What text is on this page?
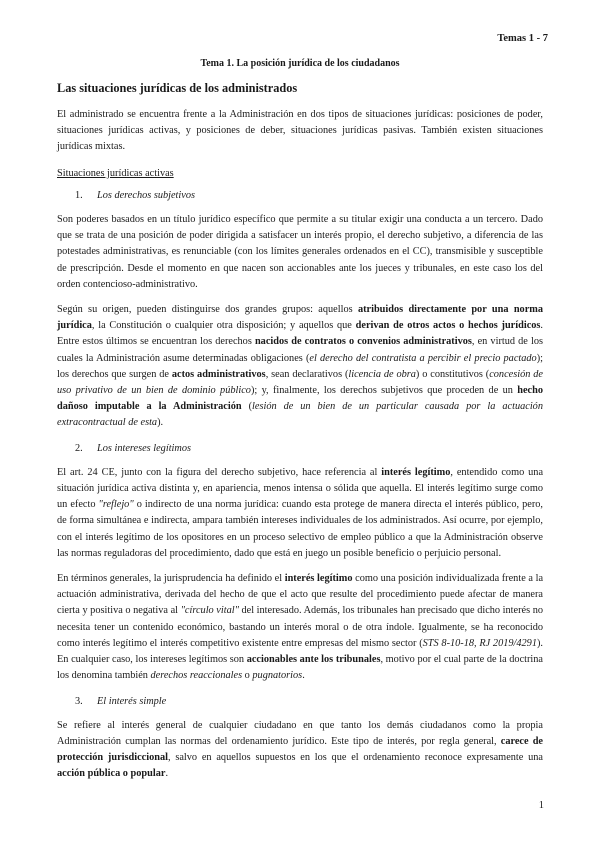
Temas 1 - 7
Tema 1. La posición jurídica de los ciudadanos
Las situaciones jurídicas de los administrados

El administrado se encuentra frente a la Administración en dos tipos de situaciones jurídicas: posiciones de poder, situaciones jurídicas activas, y posiciones de deber, situaciones jurídicas pasivas. También existen situaciones jurídicas mixtas.

Situaciones jurídicas activas

1 .	Los derechos subjetivos

Son poderes basados en un título jurídico específico que permite a su titular exigir una conducta a un tercero. Dado que se trata de una posición de poder dirigida a satisfacer un interés propio, el derecho subjetivo, a diferencia de las potestades administrativas, es renunciable (con los límites generales ordenados en el CC), transmisible y susceptible de prescripción. Desde el momento en que nacen son accionables ante los jueces y tribunales, en este caso los del orden contencioso-administrativo.

Según su origen, pueden distinguirse dos grandes grupos: aquellos atribuidos directamente por una norma jurídica, la Constitución o cualquier otra disposición; y aquellos que derivan de otros actos o hechos jurídicos. Entre estos últimos se encuentran los derechos nacidos de contratos o convenios administrativos, en virtud de los cuales la Administración asume determinadas obligaciones (el derecho del contratista a percibir el precio pactado); los derechos que surgen de actos administrativos, sean declarativos (licencia de obra) o constitutivos (concesión de uso privativo de un bien de dominio público); y, finalmente, los derechos subjetivos que proceden de un hecho dañoso imputable a la Administración (lesión de un bien de un particular causada por la actuación extracontractual de esta).

2 .	Los intereses legítimos

El art. 24 CE, junto con la figura del derecho subjetivo, hace referencia al interés legítimo, entendido como una situación jurídica activa distinta y, en apariencia, menos intensa o sólida que aquella. El interés legítimo surge como un efecto "reflejo" o indirecto de una norma jurídica: cuando esta protege de manera directa el interés público, pero, de forma simultánea e indirecta, ampara también intereses individuales de los administrados. Así ocurre, por ejemplo, con el interés legítimo de los opositores en un proceso selectivo de empleo público a que la Administración observe las normas reguladoras del procedimiento, dado que está en juego un posible beneficio o perjuicio personal.

En términos generales, la jurisprudencia ha definido el interés legítimo como una posición individualizada frente a la actuación administrativa, derivada del hecho de que el acto que resulte del procedimiento puede afectar de manera cierta y positiva o negativa al "círculo vital" del interesado. Además, los tribunales han precisado que dicho interés no necesita tener un contenido económico, bastando un interés moral o de otra índole. Igualmente, se ha reconocido como interés legítimo el interés competitivo existente entre empresas del mismo sector (STS 8-10-18, RJ 2019/4291). En cualquier caso, los intereses legítimos son accionables ante los tribunales, motivo por el cual parte de la doctrina los denomina también derechos reaccionales o pugnatorios.

3 .	El interés simple

Se refiere al interés general de cualquier ciudadano en que tanto los demás ciudadanos como la propia Administración cumplan las normas del ordenamiento jurídico. Este tipo de interés, por regla general, carece de protección jurisdiccional, salvo en aquellos supuestos en los que el ordenamiento reconoce expresamente una acción pública o popular.

1
